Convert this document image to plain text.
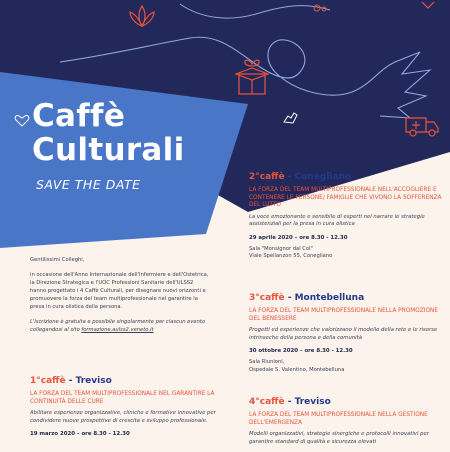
Caffè
Culturali
SAVE THE DATE

Gentilissimi Colleghi,

in occasione dell'Anno Internazionale dell'Infermiere e dell'Ostetrica, la Direzione Strategica e l'UOC Professioni Sanitarie dell'ULSS2 hanno progettato i 4 Caffè Culturali, per disegnare nuovi orizzonti e promuovere la forza del team multiprofessionale nel garantire la presa in cura olistica della persona.

L'iscrizione è gratuita e possibile singolarmente per ciascun evento collegandosi al sito formazione.aulss2.veneto.it

1°caffè - Treviso
LA FORZA DEL TEAM MULTIPROFESSIONALE NEL GARANTIRE LA CONTINUITÀ DELLE CURE
Abilitare esperienze organizzative, cliniche e formative innovative per condividere nuove prospettive di crescita e sviluppo professionale.
19 marzo 2020 – ore 8.30 - 12.30
2°caffè - Conegliano
LA FORZA DEL TEAM MULTIPROFESSIONALE NELL'ACCOGLIERE E CONTENERE LE PERSONE/ FAMIGLIE CHE VIVONO LA SOFFERENZA DEL LUTTO
La voce emozionante e sensibile di esperti nel narrare le strategie assistenziali per la presa in cura olistica
29 aprile 2020 – ore 8.30 - 12.30
Sala "Monsignor dal Col"
Viale Spellanzon 55, Conegliano
3°caffè - Montebelluna
LA FORZA DEL TEAM MULTIPROFESSIONALE NELLA PROMOZIONE DEL BENESSERE
Progetti ed esperienze che valorizzano il modello della rete e le risorse intrinseche della persona e della comunità
30 ottobre 2020 – ore 8.30 - 12.30
Sala Riunioni,
Ospedale S. Valentino, Montebelluna
4°caffè - Treviso
LA FORZA DEL TEAM MULTIPROFESSIONALE NELLA GESTIONE DELL'EMERGENZA
Modelli organizzativi, strategie sinergiche e protocolli innovativi per garantire standard di qualità e sicurezza elevati
